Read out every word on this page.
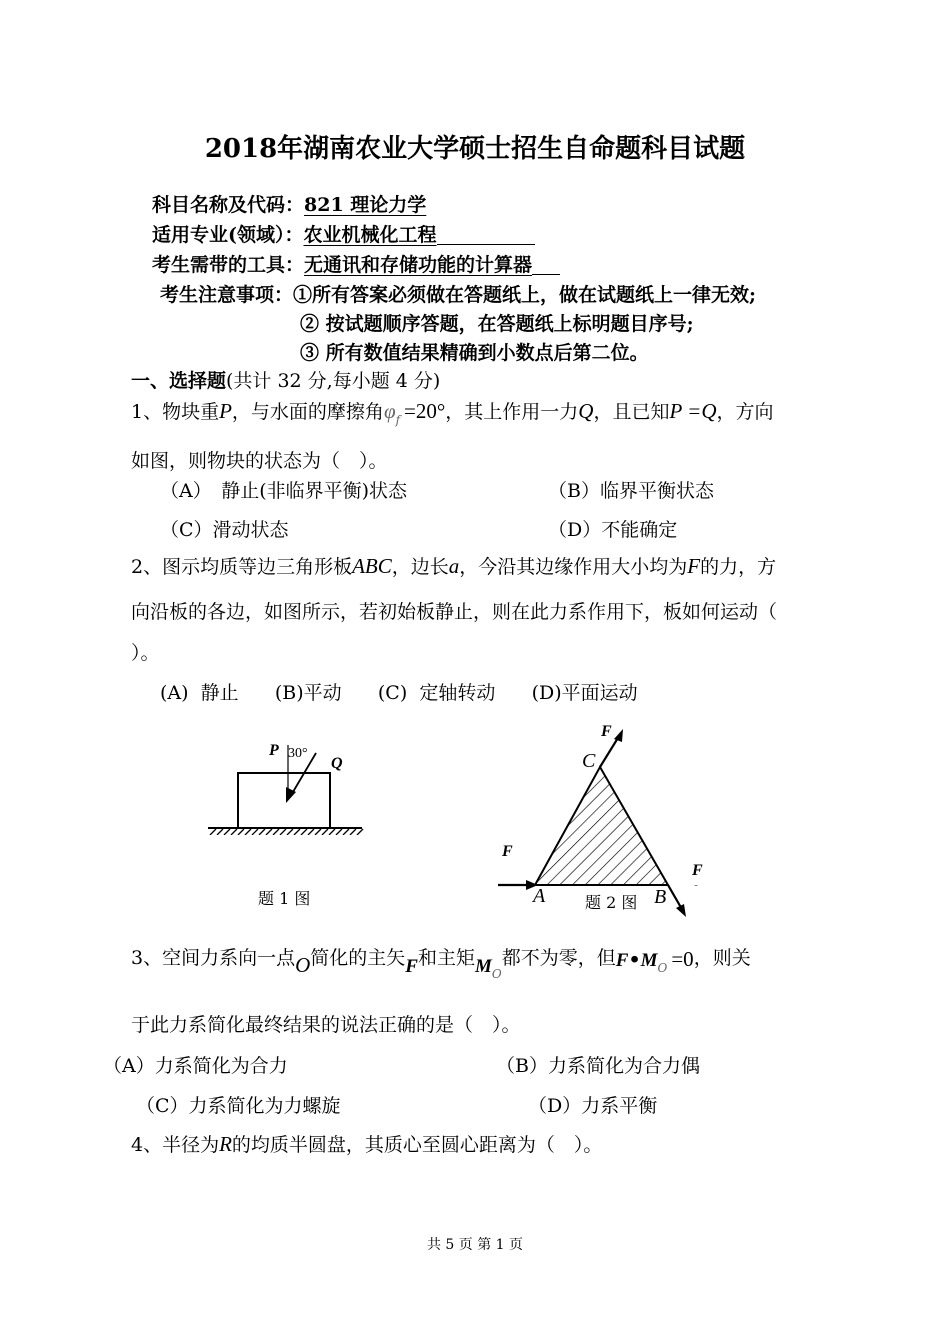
2018年湖南农业大学硕士招生自命题科目试题
科目名称及代码：821 理论力学
适用专业(领域）：农业机械化工程
考生需带的工具：无通讯和存储功能的计算器
考生注意事项：①所有答案必须做在答题纸上，做在试题纸上一律无效;
② 按试题顺序答题，在答题纸上标明题目序号;
③ 所有数值结果精确到小数点后第二位。
一、选择题(共计 32 分,每小题 4 分)
1、物块重P，与水面的摩擦角$\varphi_f =20^\circ$，其上作用一力Q，且已知P =Q，方向
如图，则物块的状态为（　）。
（A）　静止(非临界平衡)状态	（B）临界平衡状态
（C）滑动状态	（D）不能确定
2、图示均质等边三角形板ABC，边长a，今沿其边缘作用大小均为F的力，方
向沿板的各边，如图所示，若初始板静止，则在此力系作用下，板如何运动（
）。
(A)  静止      (B)平动      (C)  定轴转动      (D)平面运动
P 30°
Q
题 1 图
F
C
F
A 题 2 图 B
F
-
3、空间力系向一点O简化的主矢F和主矩$M_O$都不为零，但$F•M_O =0$，则关
于此力系简化最终结果的说法正确的是（　）。
（A）力系简化为合力	（B）力系简化为合力偶
（C）力系简化为力螺旋	（D）力系平衡
4、半径为R的均质半圆盘，其质心至圆心距离为（　）。
共 5 页 第 1 页
